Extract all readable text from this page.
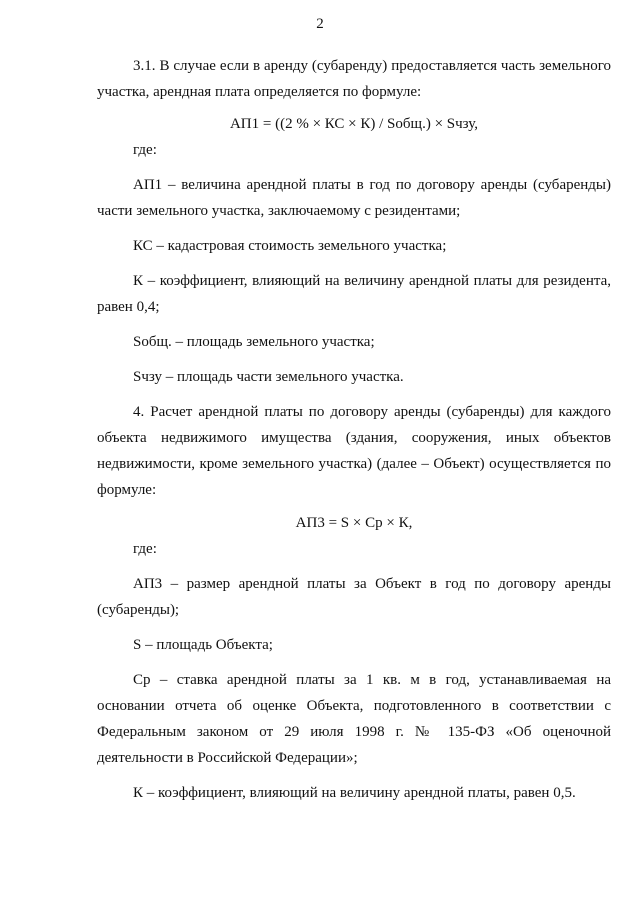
2

3.1. В случае если в аренду (субаренду) предоставляется часть земельного участка, арендная плата определяется по формуле:

АП1 = ((2 % × КС × К) / Sобщ.) × Sчзу,

где:

АП1 – величина арендной платы в год по договору аренды (субаренды) части земельного участка, заключаемому с резидентами;

КС – кадастровая стоимость земельного участка;

К – коэффициент, влияющий на величину арендной платы для резидента, равен 0,4;

Sобщ. – площадь земельного участка;

Sчзу – площадь части земельного участка.

4. Расчет арендной платы по договору аренды (субаренды) для каждого объекта недвижимого имущества (здания, сооружения, иных объектов недвижимости, кроме земельного участка) (далее – Объект) осуществляется по формуле:

АП3 = S × Ср × К,

где:

АП3 – размер арендной платы за Объект в год по договору аренды (субаренды);

S – площадь Объекта;

Ср – ставка арендной платы за 1 кв. м в год, устанавливаемая на основании отчета об оценке Объекта, подготовленного в соответствии с Федеральным законом от 29 июля 1998 г. № 135-ФЗ «Об оценочной деятельности в Российской Федерации»;

К – коэффициент, влияющий на величину арендной платы, равен 0,5.
